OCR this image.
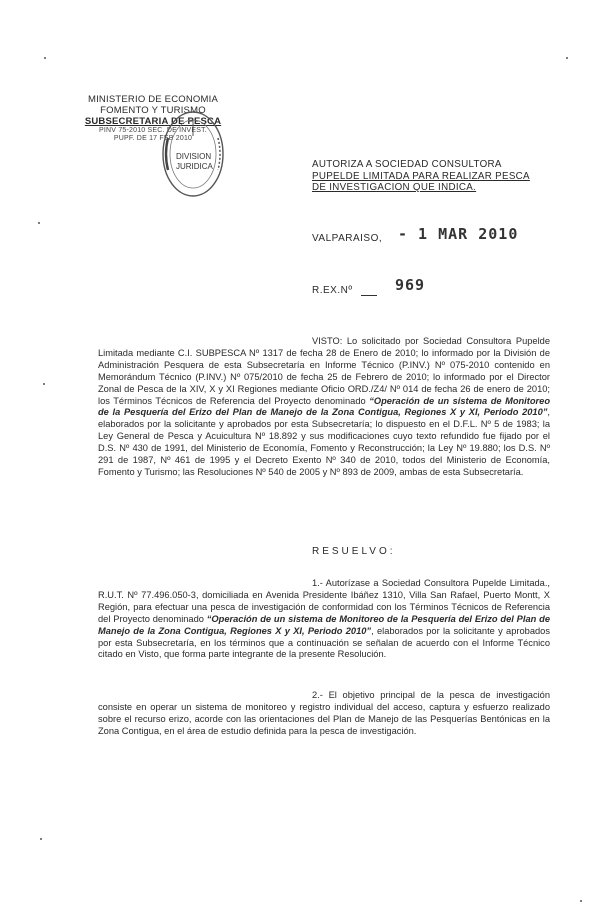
MINISTERIO DE ECONOMIA
FOMENTO Y TURISMO
SUBSECRETARIA DE PESCA
PINV 75-2010 SEC. DE INVEST.
PUPF. DE 17 FEB 2010
DIVISION
JURIDICA	AUTORIZA A SOCIEDAD CONSULTORA
PUPELDE LIMITADA PARA REALIZAR PESCA
DE INVESTIGACION QUE INDICA.
VALPARAISO, - 1 MAR 2010
R.EX.Nº	969
VISTO: Lo solicitado por Sociedad Consultora Pupelde Limitada mediante C.I. SUBPESCA Nº 1317 de fecha 28 de Enero de 2010; lo informado por la División de Administración Pesquera de esta Subsecretaría en Informe Técnico (P.INV.) Nº 075-2010 contenido en Memorándum Técnico (P.INV.) Nº 075/2010 de fecha 25 de Febrero de 2010; lo informado por el Director Zonal de Pesca de la XIV, X y XI Regiones mediante Oficio ORD./Z4/ Nº 014 de fecha 26 de enero de 2010; los Términos Técnicos de Referencia del Proyecto denominado “Operación de un sistema de Monitoreo de la Pesquería del Erizo del Plan de Manejo de la Zona Contigua, Regiones X y XI, Periodo 2010”, elaborados por la solicitante y aprobados por esta Subsecretaría; lo dispuesto en el D.F.L. Nº 5 de 1983; la Ley General de Pesca y Acuicultura Nº 18.892 y sus modificaciones cuyo texto refundido fue fijado por el D.S. Nº 430 de 1991, del Ministerio de Economía, Fomento y Reconstrucción; la Ley Nº 19.880; los D.S. Nº 291 de 1987, Nº 461 de 1995 y el Decreto Exento Nº 340 de 2010, todos del Ministerio de Economía, Fomento y Turismo; las Resoluciones Nº 540 de 2005 y Nº 893 de 2009, ambas de esta Subsecretaría.
RESUELVO:
1.- Autorízase a Sociedad Consultora Pupelde Limitada., R.U.T. Nº 77.496.050-3, domiciliada en Avenida Presidente Ibáñez 1310, Villa San Rafael, Puerto Montt, X Región, para efectuar una pesca de investigación de conformidad con los Términos Técnicos de Referencia del Proyecto denominado “Operación de un sistema de Monitoreo de la Pesquería del Erizo del Plan de Manejo de la Zona Contigua, Regiones X y XI, Periodo 2010”, elaborados por la solicitante y aprobados por esta Subsecretaría, en los términos que a continuación se señalan de acuerdo con el Informe Técnico citado en Visto, que forma parte integrante de la presente Resolución.
2.- El objetivo principal de la pesca de investigación consiste en operar un sistema de monitoreo y registro individual del acceso, captura y esfuerzo realizado sobre el recurso erizo, acorde con las orientaciones del Plan de Manejo de las Pesquerías Bentónicas en la Zona Contigua, en el área de estudio definida para la pesca de investigación.
